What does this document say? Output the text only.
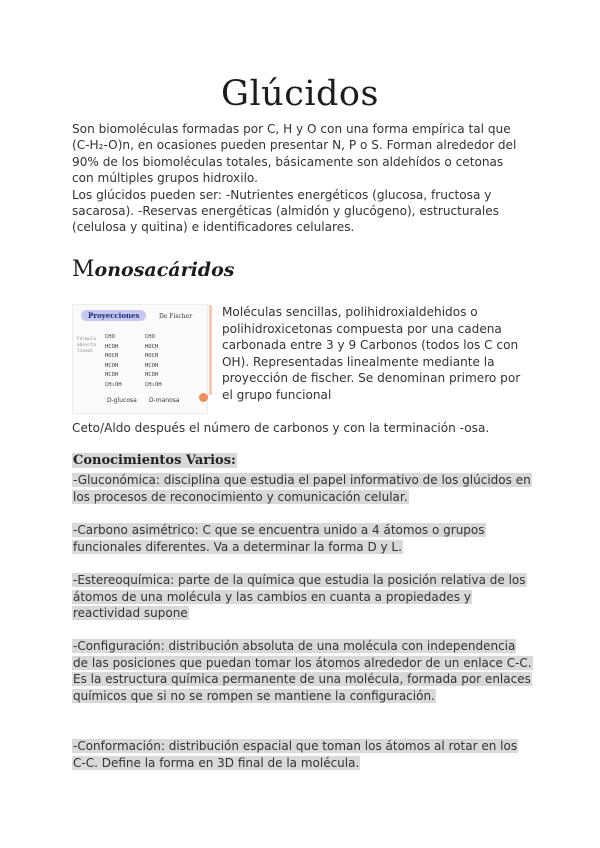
Glúcidos
Son biomoléculas formadas por C, H y O con una forma empírica tal que (C-H₂-O)n, en ocasiones pueden presentar N, P o S. Forman alrededor del 90% de los biomoléculas totales, básicamente son aldehídos o cetonas con múltiples grupos hidroxilo.
Los glúcidos pueden ser: -Nutrientes energéticos (glucosa, fructosa y sacarosa). -Reservas energéticas (almidón y glucógeno), estructurales (celulosa y quitina) e identificadores celulares.
Monosacáridos
Proyecciones	De Fischer
Fórmula
abierta
lineal
CHO
HCOH
HOCH
HCOH
HCOH
CH₂OH
CHO
HOCH
HOCH
HCOH
HCOH
CH₂OH
D-glucosa D-manosa

Moléculas sencillas, polihidroxialdehidos o polihidroxicetonas compuesta por una cadena carbonada entre 3 y 9 Carbonos (todos los C con OH). Representadas linealmente mediante la proyección de fischer. Se denominan primero por el grupo funcional

Ceto/Aldo después el número de carbonos y con la terminación -osa.

Conocimientos Varios:

-Gluconómica: disciplina que estudia el papel informativo de los glúcidos en los procesos de reconocimiento y comunicación celular.

-Carbono asimétrico: C que se encuentra unido a 4 átomos o grupos funcionales diferentes. Va a determinar la forma D y L.

-Estereoquímica: parte de la química que estudia la posición relativa de los átomos de una molécula y las cambios en cuanta a propiedades y reactividad supone

-Configuración: distribución absoluta de una molécula con independencia de las posiciones que puedan tomar los átomos alrededor de un enlace C-C. Es la estructura química permanente de una molécula, formada por enlaces químicos que si no se rompen se mantiene la configuración.

-Conformación: distribución espacial que toman los átomos al rotar en los C-C. Define la forma en 3D final de la molécula.
